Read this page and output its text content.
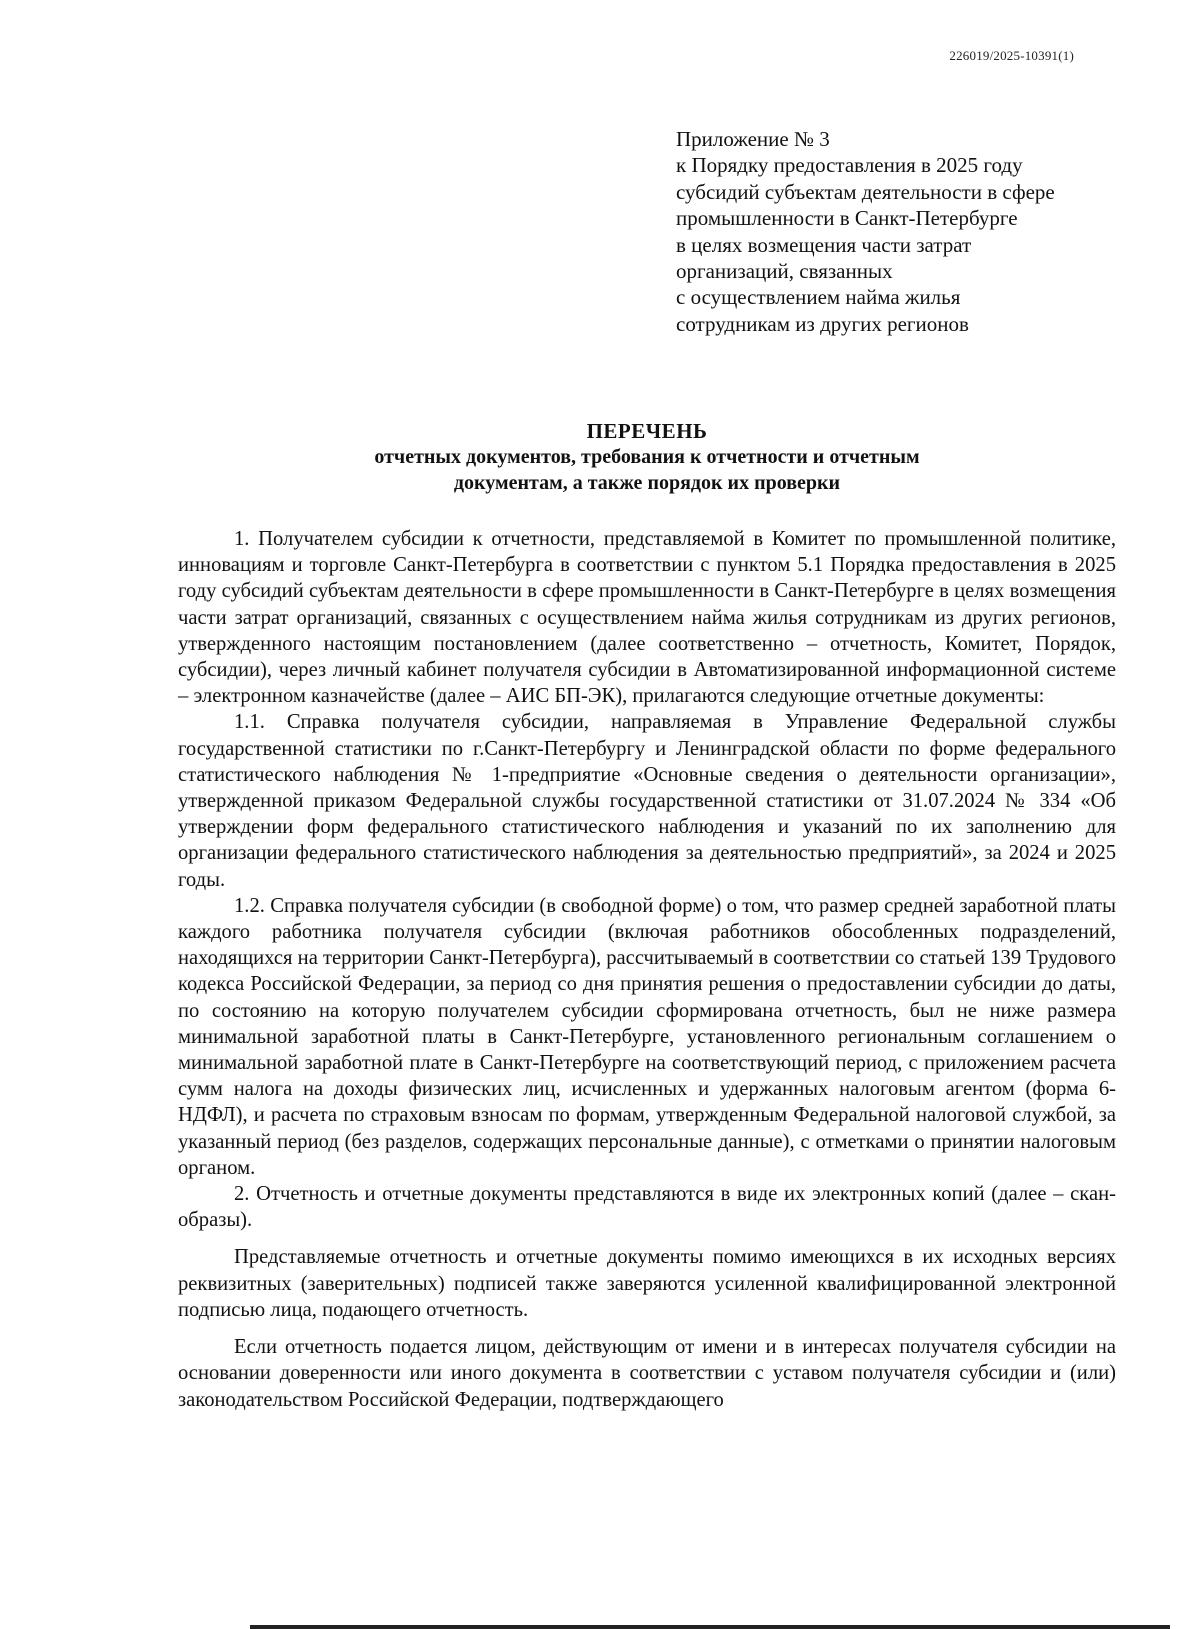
226019/2025-10391(1)
Приложение № 3
к Порядку предоставления в 2025 году
субсидий субъектам деятельности в сфере
промышленности в Санкт-Петербурге
в целях возмещения части затрат
организаций, связанных
с осуществлением найма жилья
сотрудникам из других регионов
ПЕРЕЧЕНЬ
отчетных документов, требования к отчетности и отчетным
документам, а также порядок их проверки

1. Получателем субсидии к отчетности, представляемой в Комитет по промышленной политике, инновациям и торговле Санкт-Петербурга в соответствии с пунктом 5.1 Порядка предоставления в 2025 году субсидий субъектам деятельности в сфере промышленности в Санкт-Петербурге в целях возмещения части затрат организаций, связанных с осуществлением найма жилья сотрудникам из других регионов, утвержденного настоящим постановлением (далее соответственно – отчетность, Комитет, Порядок, субсидии), через личный кабинет получателя субсидии в Автоматизированной информационной системе – электронном казначействе (далее – АИС БП-ЭК), прилагаются следующие отчетные документы:

1.1. Справка получателя субсидии, направляемая в Управление Федеральной службы государственной статистики по г.Санкт-Петербургу и Ленинградской области по форме федерального статистического наблюдения № 1-предприятие «Основные сведения о деятельности организации», утвержденной приказом Федеральной службы государственной статистики от 31.07.2024 № 334 «Об утверждении форм федерального статистического наблюдения и указаний по их заполнению для организации федерального статистического наблюдения за деятельностью предприятий», за 2024 и 2025 годы.

1.2. Справка получателя субсидии (в свободной форме) о том, что размер средней заработной платы каждого работника получателя субсидии (включая работников обособленных подразделений, находящихся на территории Санкт-Петербурга), рассчитываемый в соответствии со статьей 139 Трудового кодекса Российской Федерации, за период со дня принятия решения о предоставлении субсидии до даты, по состоянию на которую получателем субсидии сформирована отчетность, был не ниже размера минимальной заработной платы в Санкт-Петербурге, установленного региональным соглашением о минимальной заработной плате в Санкт-Петербурге на соответствующий период, с приложением расчета сумм налога на доходы физических лиц, исчисленных и удержанных налоговым агентом (форма 6-НДФЛ), и расчета по страховым взносам по формам, утвержденным Федеральной налоговой службой, за указанный период (без разделов, содержащих персональные данные), с отметками о принятии налоговым органом.

2. Отчетность и отчетные документы представляются в виде их электронных копий (далее – скан-образы).

Представляемые отчетность и отчетные документы помимо имеющихся в их исходных версиях реквизитных (заверительных) подписей также заверяются усиленной квалифицированной электронной подписью лица, подающего отчетность.

Если отчетность подается лицом, действующим от имени и в интересах получателя субсидии на основании доверенности или иного документа в соответствии с уставом получателя субсидии и (или) законодательством Российской Федерации, подтверждающего
